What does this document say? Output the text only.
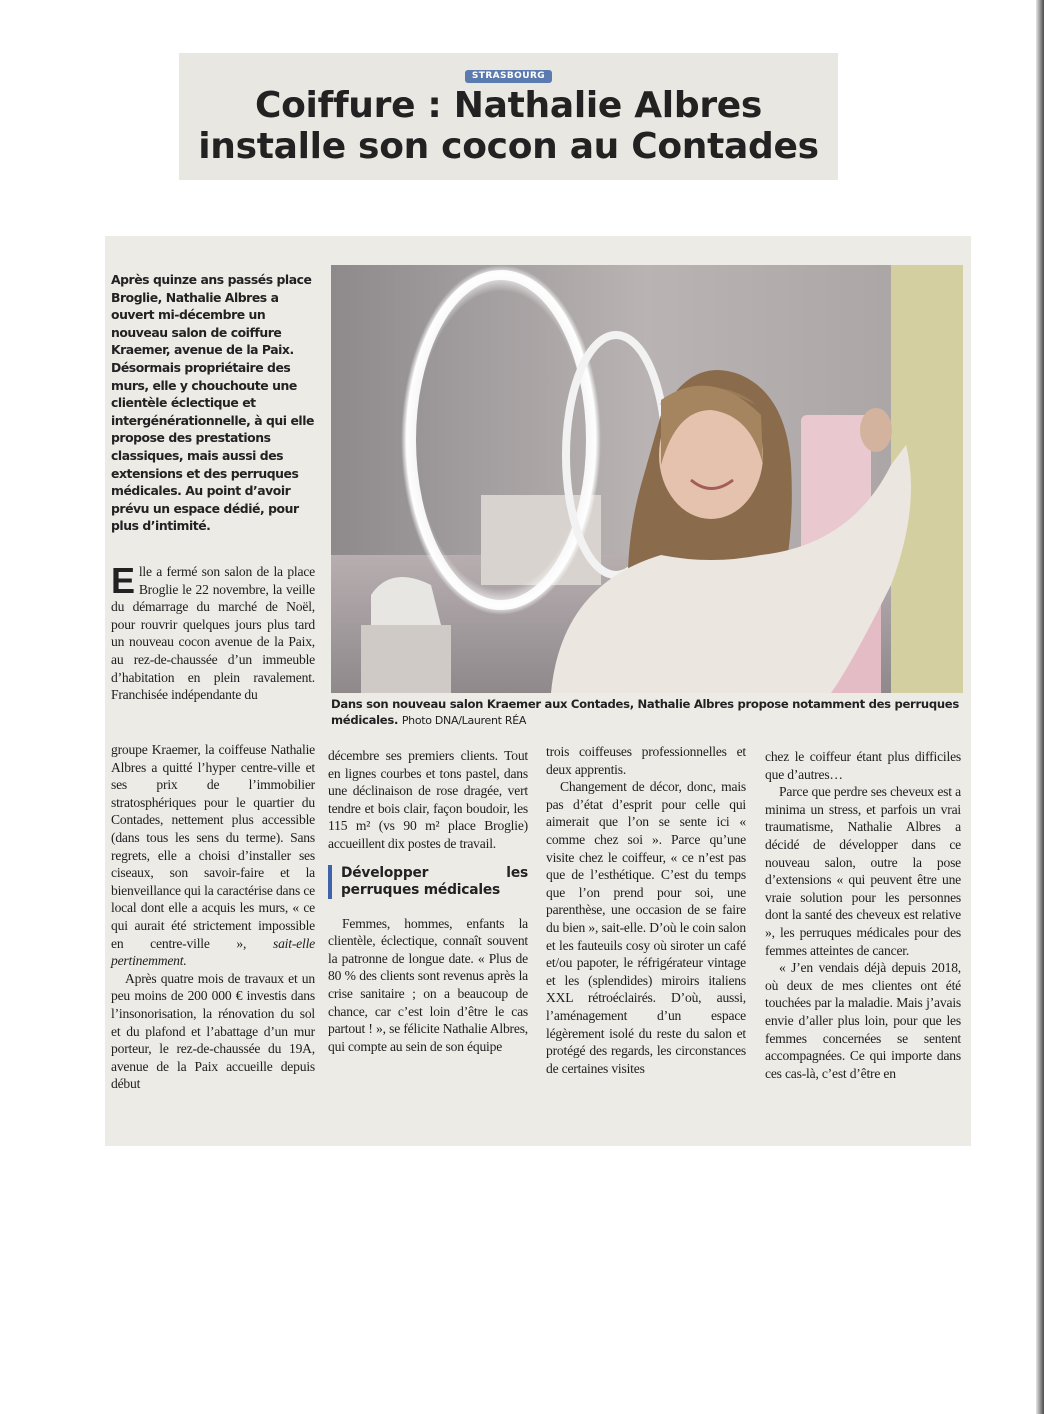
STRASBOURG
Coiffure : Nathalie Albres
installe son cocon au Contades
Après quinze ans passés place Broglie, Nathalie Albres a ouvert mi-décembre un nouveau salon de coiffure Kraemer, avenue de la Paix. Désormais propriétaire des murs, elle y chouchoute une clientèle éclectique et intergénérationnelle, à qui elle propose des prestations classiques, mais aussi des extensions et des perruques médicales. Au point d’avoir prévu un espace dédié, pour plus d’intimité.
Dans son nouveau salon Kraemer aux Contades, Nathalie Albres propose notamment des perruques médicales. Photo DNA/Laurent RÉA

Elle a fermé son salon de la place Broglie le 22 novembre, la veille du démarrage du marché de Noël, pour rouvrir quelques jours plus tard un nouveau cocon avenue de la Paix, au rez-de-chaussée d’un immeuble d’habitation en plein ravalement. Franchisée indépendante du

groupe Kraemer, la coiffeuse Nathalie Albres a quitté l’hyper centre-ville et ses prix de l’immobilier stratosphériques pour le quartier du Contades, nettement plus accessible (dans tous les sens du terme). Sans regrets, elle a choisi d’installer ses ciseaux, son savoir-faire et la bienveillance qui la caractérise dans ce local dont elle a acquis les murs, « ce qui aurait été strictement impossible en centre-ville », sait-elle pertinemment.

Après quatre mois de travaux et un peu moins de 200 000 € investis dans l’insonorisation, la rénovation du sol et du plafond et l’abattage d’un mur porteur, le rez-de-chaussée du 19A, avenue de la Paix accueille depuis début

décembre ses premiers clients. Tout en lignes courbes et tons pastel, dans une déclinaison de rose dragée, vert tendre et bois clair, façon boudoir, les 115 m² (vs 90 m² place Broglie) accueillent dix postes de travail.

Développer les perruques médicales

Femmes, hommes, enfants la clientèle, éclectique, connaît souvent la patronne de longue date. « Plus de 80 % des clients sont revenus après la crise sanitaire ; on a beaucoup de chance, car c’est loin d’être le cas partout ! », se félicite Nathalie Albres, qui compte au sein de son équipe

trois coiffeuses professionnelles et deux apprentis.

Changement de décor, donc, mais pas d’état d’esprit pour celle qui aimerait que l’on se sente ici « comme chez soi ». Parce qu’une visite chez le coiffeur, « ce n’est pas que de l’esthétique. C’est du temps que l’on prend pour soi, une parenthèse, une occasion de se faire du bien », sait-elle. D’où le coin salon et les fauteuils cosy où siroter un café et/ou papoter, le réfrigérateur vintage et les (splendides) miroirs italiens XXL rétroéclairés. D’où, aussi, l’aménagement d’un espace légèrement isolé du reste du salon et protégé des regards, les circonstances de certaines visites

chez le coiffeur étant plus difficiles que d’autres…

Parce que perdre ses cheveux est a minima un stress, et parfois un vrai traumatisme, Nathalie Albres a décidé de développer dans ce nouveau salon, outre la pose d’extensions « qui peuvent être une vraie solution pour les personnes dont la santé des cheveux est relative », les perruques médicales pour des femmes atteintes de cancer.

« J’en vendais déjà depuis 2018, où deux de mes clientes ont été touchées par la maladie. Mais j’avais envie d’aller plus loin, pour que les femmes concernées se sentent accompagnées. Ce qui importe dans ces cas-là, c’est d’être en
